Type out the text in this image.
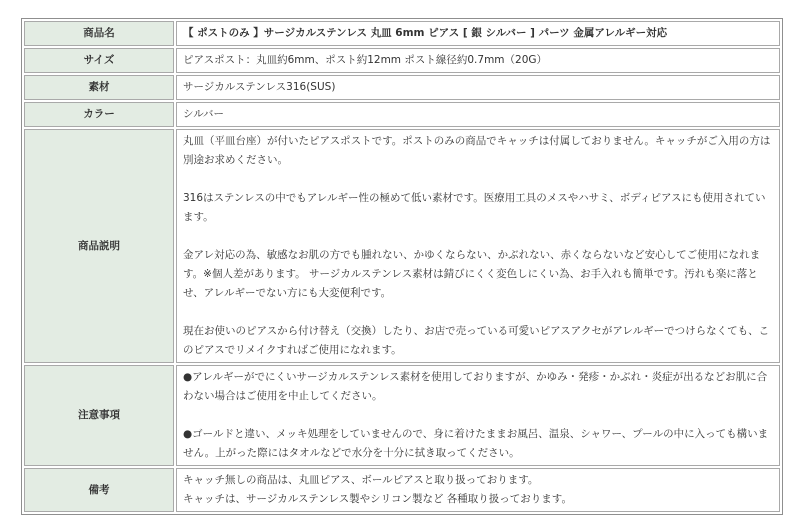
商品名	【 ポストのみ 】サージカルステンレス 丸皿 6mm ピアス [ 銀 シルバー ] パーツ 金属アレルギー対応
サイズ	ピアスポスト：丸皿約6mm、ポスト約12mm ポスト線径約0.7mm（20G）
素材	サージカルステンレス316(SUS)
カラー	シルバー
商品説明	丸皿（平皿台座）が付いたピアスポストです。ポストのみの商品でキャッチは付属しておりません。キャッチがご入用の方は別途お求めください。

316はステンレスの中でもアレルギー性の極めて低い素材です。医療用工具のメスやハサミ、ボディピアスにも使用されています。

金アレ対応の為、敏感なお肌の方でも腫れない、かゆくならない、かぶれない、赤くならないなど安心してご使用になれます。※個人差があります。 サージカルステンレス素材は錆びにくく変色しにくい為、お手入れも簡単です。汚れも楽に落とせ、アレルギーでない方にも大変便利です。

現在お使いのピアスから付け替え（交換）したり、お店で売っている可愛いピアスアクセがアレルギーでつけらなくても、このピアスでリメイクすればご使用になれます。

注意事項	●アレルギーがでにくいサージカルステンレス素材を使用しておりますが、かゆみ・発疹・かぶれ・炎症が出るなどお肌に合わない場合はご使用を中止してください。

●ゴールドと違い、メッキ処理をしていませんので、身に着けたままお風呂、温泉、シャワー、プールの中に入っても構いません。上がった際にはタオルなどで水分を十分に拭き取ってください。

備考	キャッチ無しの商品は、丸皿ピアス、ボールピアスと取り扱っております。
キャッチは、サージカルステンレス製やシリコン製など 各種取り扱っております。
